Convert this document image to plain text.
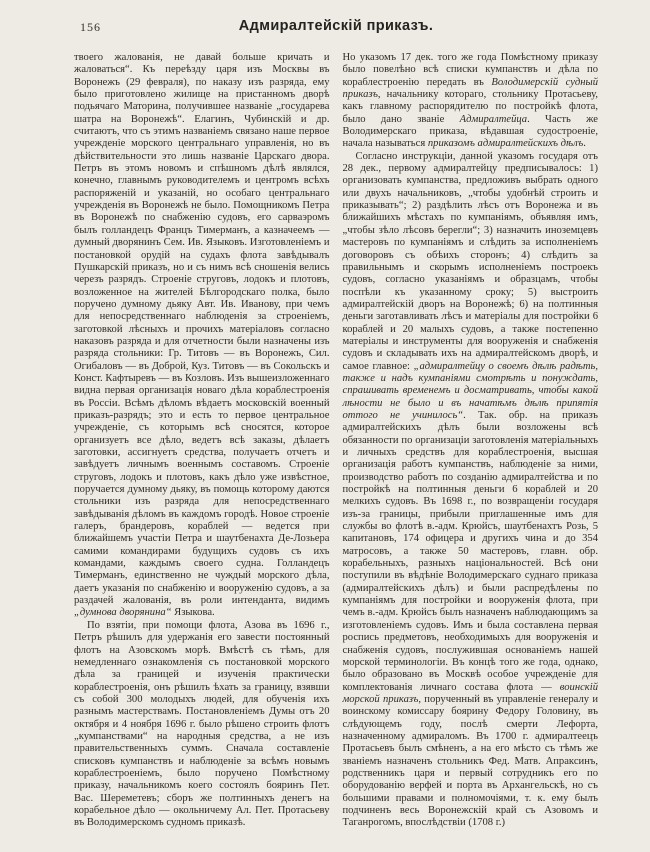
156	Адмиралтейскій приказъ.

твоего жалованія, не давай больше кричать и жаловаться“. Къ переѣзду царя изъ Москвы въ Воронежъ (29 февраля), по наказу изъ разряда, ему было приготовлено жилище на пристанномъ дворѣ подьячаго Маторина, получившее названіе „государева шатра на Воронежѣ“. Елагинъ, Чубинскій и др. считаютъ, что съ этимъ названіемъ связано наше первое учрежденіе морского центральнаго управленія, но въ дѣйствительности это лишь названіе Царскаго двора. Петръ въ этомъ новомъ и спѣшномъ дѣлѣ являлся, конечно, главнымъ руководителемъ и центромъ всѣхъ распоряженій и указаній, но особаго центральнаго учрежденія въ Воронежѣ не было. Помощникомъ Петра въ Воронежѣ по снабженію судовъ, его сарваэромъ былъ голландецъ Францъ Тимерманъ, а казначеемъ — думный дворянинъ Сем. Ив. Языковъ. Изготовленіемъ и постановкой орудій на судахъ флота завѣдывалъ Пушкарскій приказъ, но и съ нимъ всѣ сношенія велись черезъ разрядъ. Строеніе струговъ, лодокъ и плотовъ, возложенное на жителей Бѣлгородскаго полка, было поручено думному дьяку Авт. Ив. Иванову, при чемъ для непосредственнаго наблюденія за строеніемъ, заготовкой лѣсныхъ и прочихъ матеріаловъ согласно наказовъ разряда и для отчетности были назначены изъ разряда стольники: Гр. Титовъ — въ Воронежъ, Сил. Огибаловъ — въ Доброй, Куз. Титовъ — въ Сокольскъ и Конст. Кафтыревъ — въ Козловъ. Изъ вышеизложеннаго видна первая организація новаго дѣла кораблестроенія въ Россіи. Всѣмъ дѣломъ вѣдаетъ московскій военный приказъ-разрядъ; это и есть то первое центральное учрежденіе, съ которымъ всѣ сносятся, которое организуетъ все дѣло, ведетъ всѣ заказы, дѣлаетъ заготовки, ассигнуетъ средства, получаетъ отчетъ и завѣдуетъ личнымъ военнымъ составомъ. Строеніе струговъ, лодокъ и плотовъ, какъ дѣло уже извѣстное, поручается думному дьяку, въ помощь которому даются стольники изъ разряда для непосредственнаго завѣдыванія дѣломъ въ каждомъ городѣ. Новое строеніе галеръ, брандеровъ, кораблей — ведется при ближайшемъ участіи Петра и шаутбенахта Де-Лозьера самими командирами будущихъ судовъ съ ихъ командами, каждымъ своего судна. Голландецъ Тимерманъ, единственно не чуждый морского дѣла, даетъ указанія по снабженію и вооруженію судовъ, а за раздачей жалованія, въ роли интенданта, видимъ „думнова дворянина“ Языкова.

По взятіи, при помощи флота, Азова въ 1696 г., Петръ рѣшилъ для удержанія его завести постоянный флотъ на Азовскомъ морѣ. Вмѣстѣ съ тѣмъ, для немедленнаго ознакомленія съ постановкой морского дѣла за границей и изученія практически кораблестроенія, онъ рѣшилъ ѣхать за границу, взявши съ собой 300 молодыхъ людей, для обученія ихъ разнымъ мастерствамъ. Постановленіемъ Думы отъ 20 октября и 4 ноября 1696 г. было рѣшено строить флотъ „кумпанствами“ на народныя средства, а не изъ правительственныхъ суммъ. Сначала составленіе списковъ кумпанствъ и наблюденіе за всѣмъ новымъ кораблестроеніемъ, было поручено Помѣстному приказу, начальникомъ коего состоялъ бояринъ Пет. Вас. Шереметевъ; сборъ же полтинныхъ денегъ на корабельное дѣло — окольничему Ал. Пет. Протасьеву въ Володимерскомъ судномъ приказѣ.

Но указомъ 17 дек. того же года Помѣстному приказу было повелѣно всѣ списки кумпанствъ и дѣла по кораблестроенію передать въ Володимерскій судный приказъ, начальнику котораго, стольнику Протасьеву, какъ главному распорядителю по постройкѣ флота, было дано званіе Адмиралтейца. Часть же Володимерскаго приказа, вѣдавшая судостроеніе, начала называться приказомъ адмиралтейскихъ дѣлъ.

Согласно инструкціи, данной указомъ государя отъ 28 дек., первому адмиралтейцу предписывалось: 1) организовать кумпанства, предложивъ выбрать одного или двухъ начальниковъ, „чтобы удобнѣй строить и приказывать“; 2) раздѣлить лѣсъ отъ Воронежа и въ ближайшихъ мѣстахъ по кумпаніямъ, объявляя имъ, „чтобы зѣло лѣсовъ берегли“; 3) назначить иноземцевъ мастеровъ по кумпаніямъ и слѣдить за исполненіемъ договоровъ съ обѣихъ сторонъ; 4) слѣдить за правильнымъ и скорымъ исполненіемъ построекъ судовъ, согласно указаніямъ и образцамъ, чтобы поспѣли къ указанному сроку; 5) выстроить адмиралтейскій дворъ на Воронежѣ; 6) на полтинныя деньги заготавливать лѣсъ и матеріалы для постройки 6 кораблей и 20 малыхъ судовъ, а также постепенно матеріалы и инструменты для вооруженія и снабженія судовъ и складывать ихъ на адмиралтейскомъ дворѣ, и самое главное: „адмиралтейцу о своемъ дѣлѣ радѣть, также и надъ кумпаніями смотрѣть и понуждать, спрашивать временемъ и досматривать, чтобы какой лѣности не было и въ начатѣмъ дѣлѣ припятія оттого не учинилось“. Так. обр. на приказъ адмиралтейскихъ дѣлъ были возложены всѣ обязанности по организаціи заготовленія матеріальныхъ и личныхъ средствъ для кораблестроенія, высшая организація работъ кумпанствъ, наблюденіе за ними, производство работъ по созданію адмиралтейства и по постройкѣ на полтинныя деньги 6 кораблей и 20 мелкихъ судовъ. Въ 1698 г., по возвращеніи государя изъ-за границы, прибыли приглашенные имъ для службы во флотѣ в.-адм. Крюйсъ, шаутбенахтъ Розь, 5 капитановъ, 174 офицера и другихъ чина и до 354 матросовъ, а также 50 мастеровъ, главн. обр. корабельныхъ, разныхъ національностей. Всѣ они поступили въ вѣдѣніе Володимерскаго суднаго приказа (адмиралтейскихъ дѣлъ) и были распредѣлены по кумпаніямъ для постройки и вооруженія флота, при чемъ в.-адм. Крюйсъ былъ назначенъ наблюдающимъ за изготовленіемъ судовъ. Имъ и была составлена первая роспись предметовъ, необходимыхъ для вооруженія и снабженія судовъ, послужившая основаніемъ нашей морской терминологіи. Въ концѣ того же года, однако, было образовано въ Москвѣ особое учрежденіе для комплектованія личнаго состава флота — воинскій морской приказъ, порученный въ управленіе генералу и воинскому комиссару боярину Федору Головину, въ слѣдующемъ году, послѣ смерти Лефорта, назначенному адмираломъ. Въ 1700 г. адмиралтеецъ Протасьевъ былъ смѣненъ, а на его мѣсто съ тѣмъ же званіемъ назначенъ стольникъ Фед. Матв. Апраксинъ, родственникъ царя и первый сотрудникъ его по оборудованію верфей и порта въ Архангельскѣ, но съ большими правами и полномочіями, т. к. ему былъ подчиненъ весь Воронежскій край съ Азовомъ и Таганрогомъ, впослѣдствіи (1708 г.)
